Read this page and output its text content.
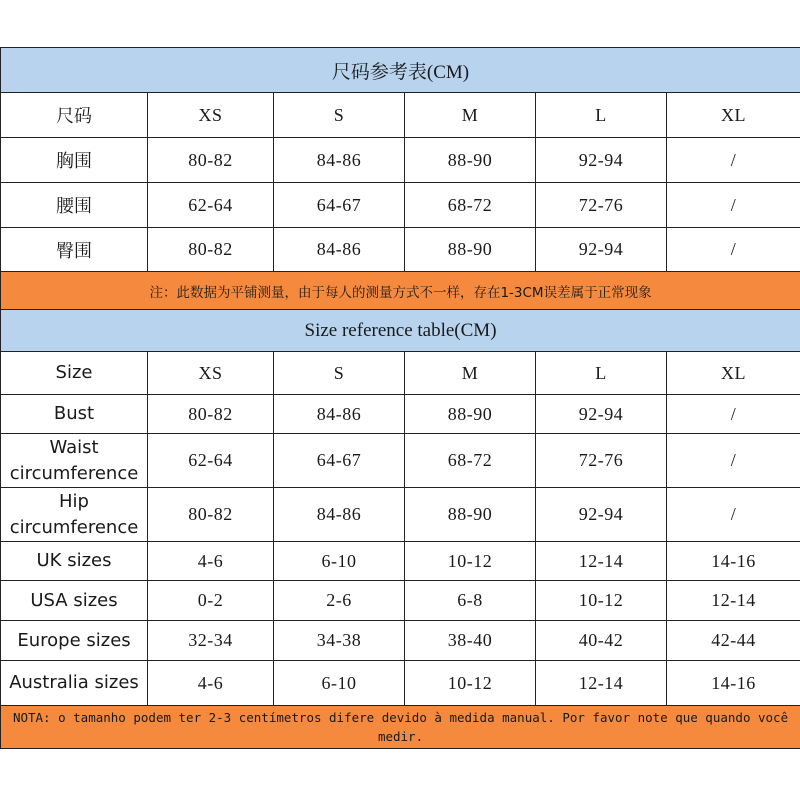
尺码参考表(CM)					
尺码	XS	S	M	L	XL
胸围	80-82	84-86	88-90	92-94	/
腰围	62-64	64-67	68-72	72-76	/
臀围	80-82	84-86	88-90	92-94	/
注：此数据为平铺测量，由于每人的测量方式不一样，存在1-3CM误差属于正常现象					
Size reference table(CM)					
Size	XS	S	M	L	XL
Bust	80-82	84-86	88-90	92-94	/
Waist circumference	62-64	64-67	68-72	72-76	/
Hip circumference	80-82	84-86	88-90	92-94	/
UK sizes	4-6	6-10	10-12	12-14	14-16
USA sizes	0-2	2-6	6-8	10-12	12-14
Europe sizes	32-34	34-38	38-40	40-42	42-44
Australia sizes	4-6	6-10	10-12	12-14	14-16
NOTA: o tamanho podem ter 2-3 centímetros difere devido à medida manual. Por favor note que quando você medir.					
